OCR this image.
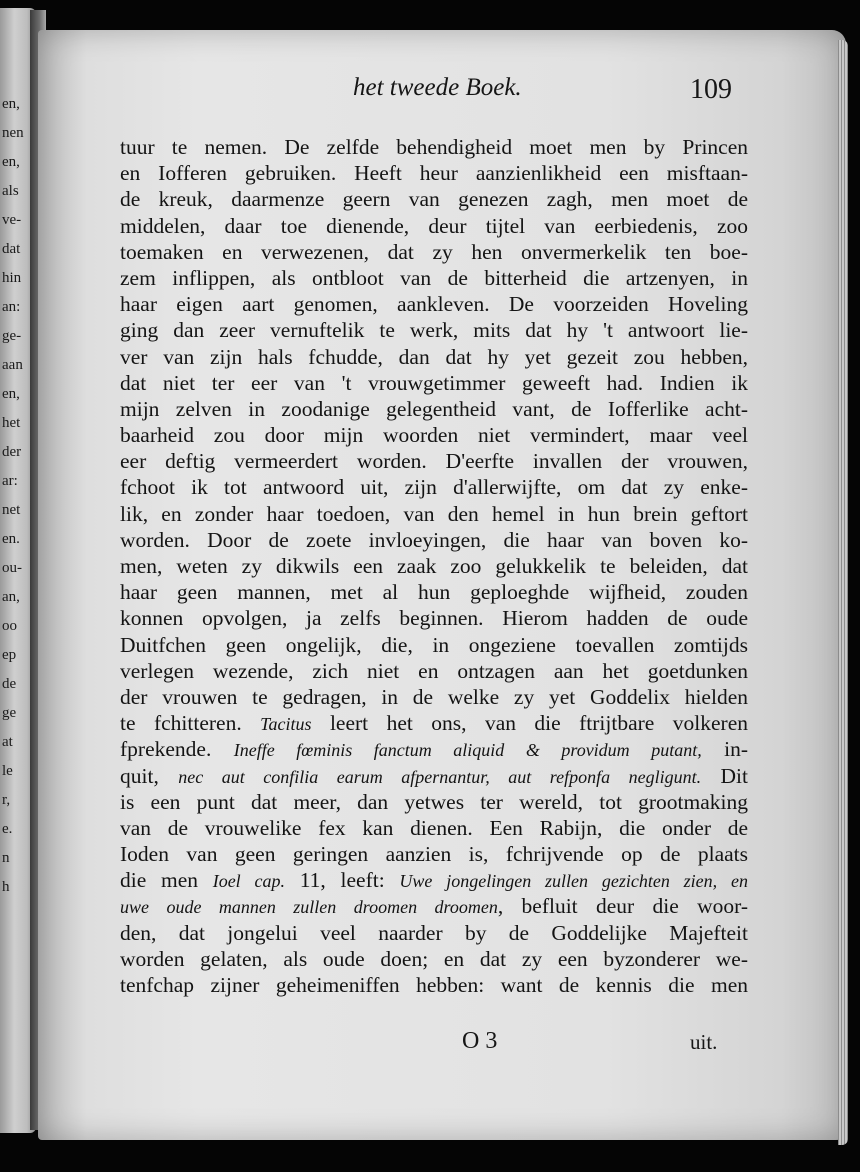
en,
nen
en,
als
ve-
dat
hin
an:
ge-
aan
en,
het
der
ar:
net
en.
ou-
an,
oo
ep
de
ge
at
le
r,
e.
n
h
het tweede Boek.	109
tuur te nemen. De zelfde behendigheid moet men by Princen
en Iofferen gebruiken. Heeft heur aanzienlikheid een misftaan-
de kreuk, daarmenze geern van genezen zagh, men moet de
middelen, daar toe dienende, deur tijtel van eerbiedenis, zoo
toemaken en verwezenen, dat zy hen onvermerkelik ten boe-
zem inflippen, als ontbloot van de bitterheid die artzenyen, in
haar eigen aart genomen, aankleven. De voorzeiden Hoveling
ging dan zeer vernuftelik te werk, mits dat hy 't antwoort lie-
ver van zijn hals fchudde, dan dat hy yet gezeit zou hebben,
dat niet ter eer van 't vrouwgetimmer geweeft had. Indien ik
mijn zelven in zoodanige gelegentheid vant, de Iofferlike acht-
baarheid zou door mijn woorden niet vermindert, maar veel
eer deftig vermeerdert worden. D'eerfte invallen der vrouwen,
fchoot ik tot antwoord uit, zijn d'allerwijfte, om dat zy enke-
lik, en zonder haar toedoen, van den hemel in hun brein geftort
worden. Door de zoete invloeyingen, die haar van boven ko-
men, weten zy dikwils een zaak zoo gelukkelik te beleiden, dat
haar geen mannen, met al hun geploeghde wijfheid, zouden
konnen opvolgen, ja zelfs beginnen. Hierom hadden de oude
Duitfchen geen ongelijk, die, in ongeziene toevallen zomtijds
verlegen wezende, zich niet en ontzagen aan het goetdunken
der vrouwen te gedragen, in de welke zy yet Goddelix hielden
te fchitteren. Tacitus leert het ons, van die ftrijtbare volkeren
fprekende. Ineffe fœminis fanctum aliquid & providum putant, in-
quit, nec aut confilia earum afpernantur, aut refponfa negligunt. Dit
is een punt dat meer, dan yetwes ter wereld, tot grootmaking
van de vrouwelike fex kan dienen. Een Rabijn, die onder de
Ioden van geen geringen aanzien is, fchrijvende op de plaats
die men Ioel cap. 11, leeft: Uwe jongelingen zullen gezichten zien, en
uwe oude mannen zullen droomen droomen, befluit deur die woor-
den, dat jongelui veel naarder by de Goddelijke Majefteit
worden gelaten, als oude doen; en dat zy een byzonderer we-
tenfchap zijner geheimeniffen hebben: want de kennis die men
O 3	uit.
